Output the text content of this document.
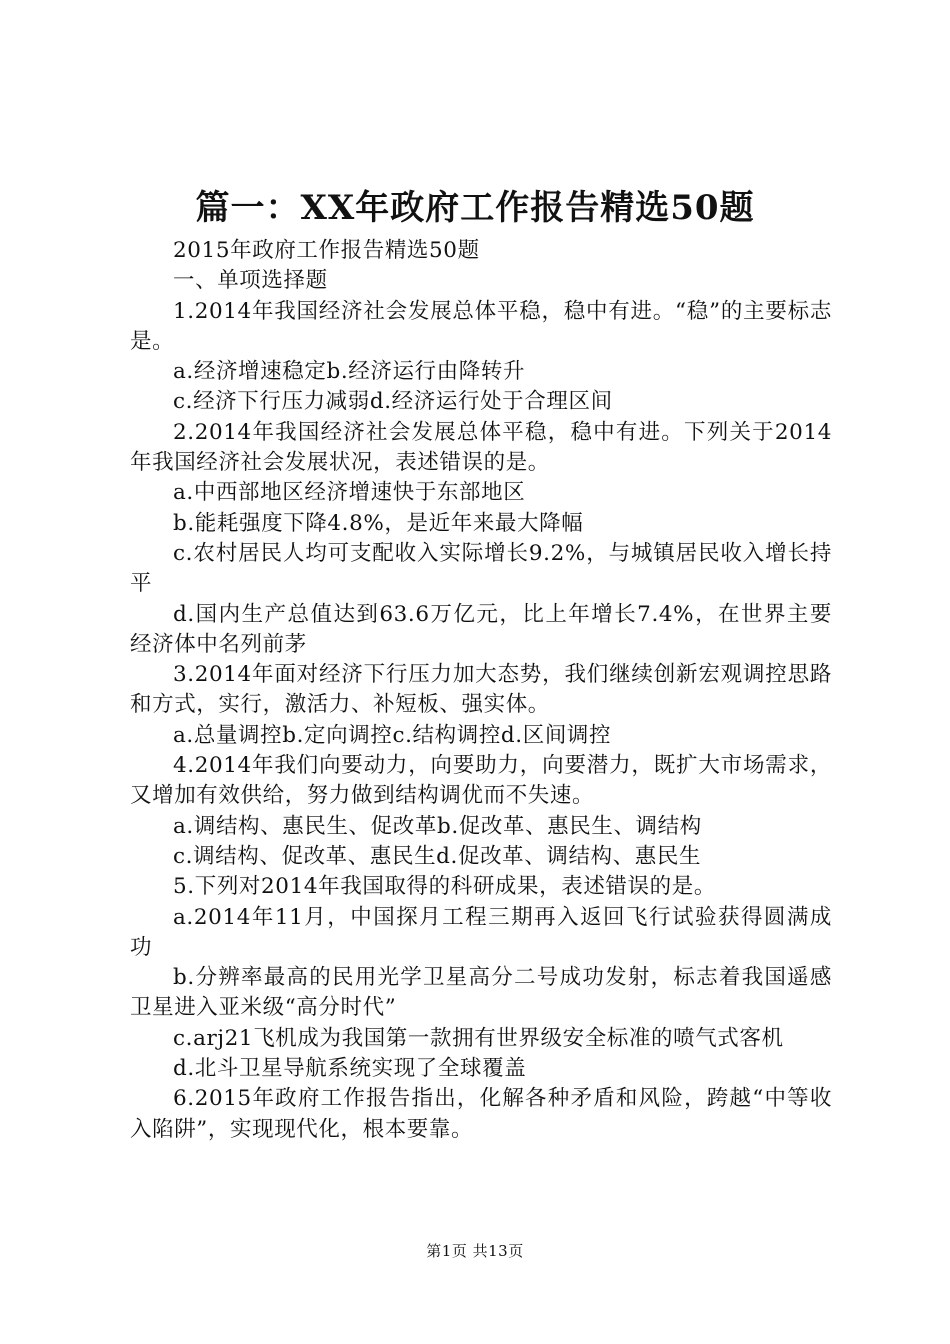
篇一：XX年政府工作报告精选50题

2015年政府工作报告精选50题

一、单项选择题

1.2014年我国经济社会发展总体平稳，稳中有进。“稳”的主要标志是。

a.经济增速稳定b.经济运行由降转升

c.经济下行压力减弱d.经济运行处于合理区间

2.2014年我国经济社会发展总体平稳，稳中有进。下列关于2014年我国经济社会发展状况，表述错误的是。

a.中西部地区经济增速快于东部地区

b.能耗强度下降4.8%，是近年来最大降幅

c.农村居民人均可支配收入实际增长9.2%，与城镇居民收入增长持平

d.国内生产总值达到63.6万亿元，比上年增长7.4%，在世界主要经济体中名列前茅

3.2014年面对经济下行压力加大态势，我们继续创新宏观调控思路和方式，实行，激活力、补短板、强实体。

a.总量调控b.定向调控c.结构调控d.区间调控

4.2014年我们向要动力，向要助力，向要潜力，既扩大市场需求，又增加有效供给，努力做到结构调优而不失速。

a.调结构、惠民生、促改革b.促改革、惠民生、调结构

c.调结构、促改革、惠民生d.促改革、调结构、惠民生

5.下列对2014年我国取得的科研成果，表述错误的是。

a.2014年11月，中国探月工程三期再入返回飞行试验获得圆满成功

b.分辨率最高的民用光学卫星高分二号成功发射，标志着我国遥感卫星进入亚米级“高分时代”

c.arj21飞机成为我国第一款拥有世界级安全标准的喷气式客机

d.北斗卫星导航系统实现了全球覆盖

6.2015年政府工作报告指出，化解各种矛盾和风险，跨越“中等收入陷阱”，实现现代化，根本要靠。

第1页 共13页
